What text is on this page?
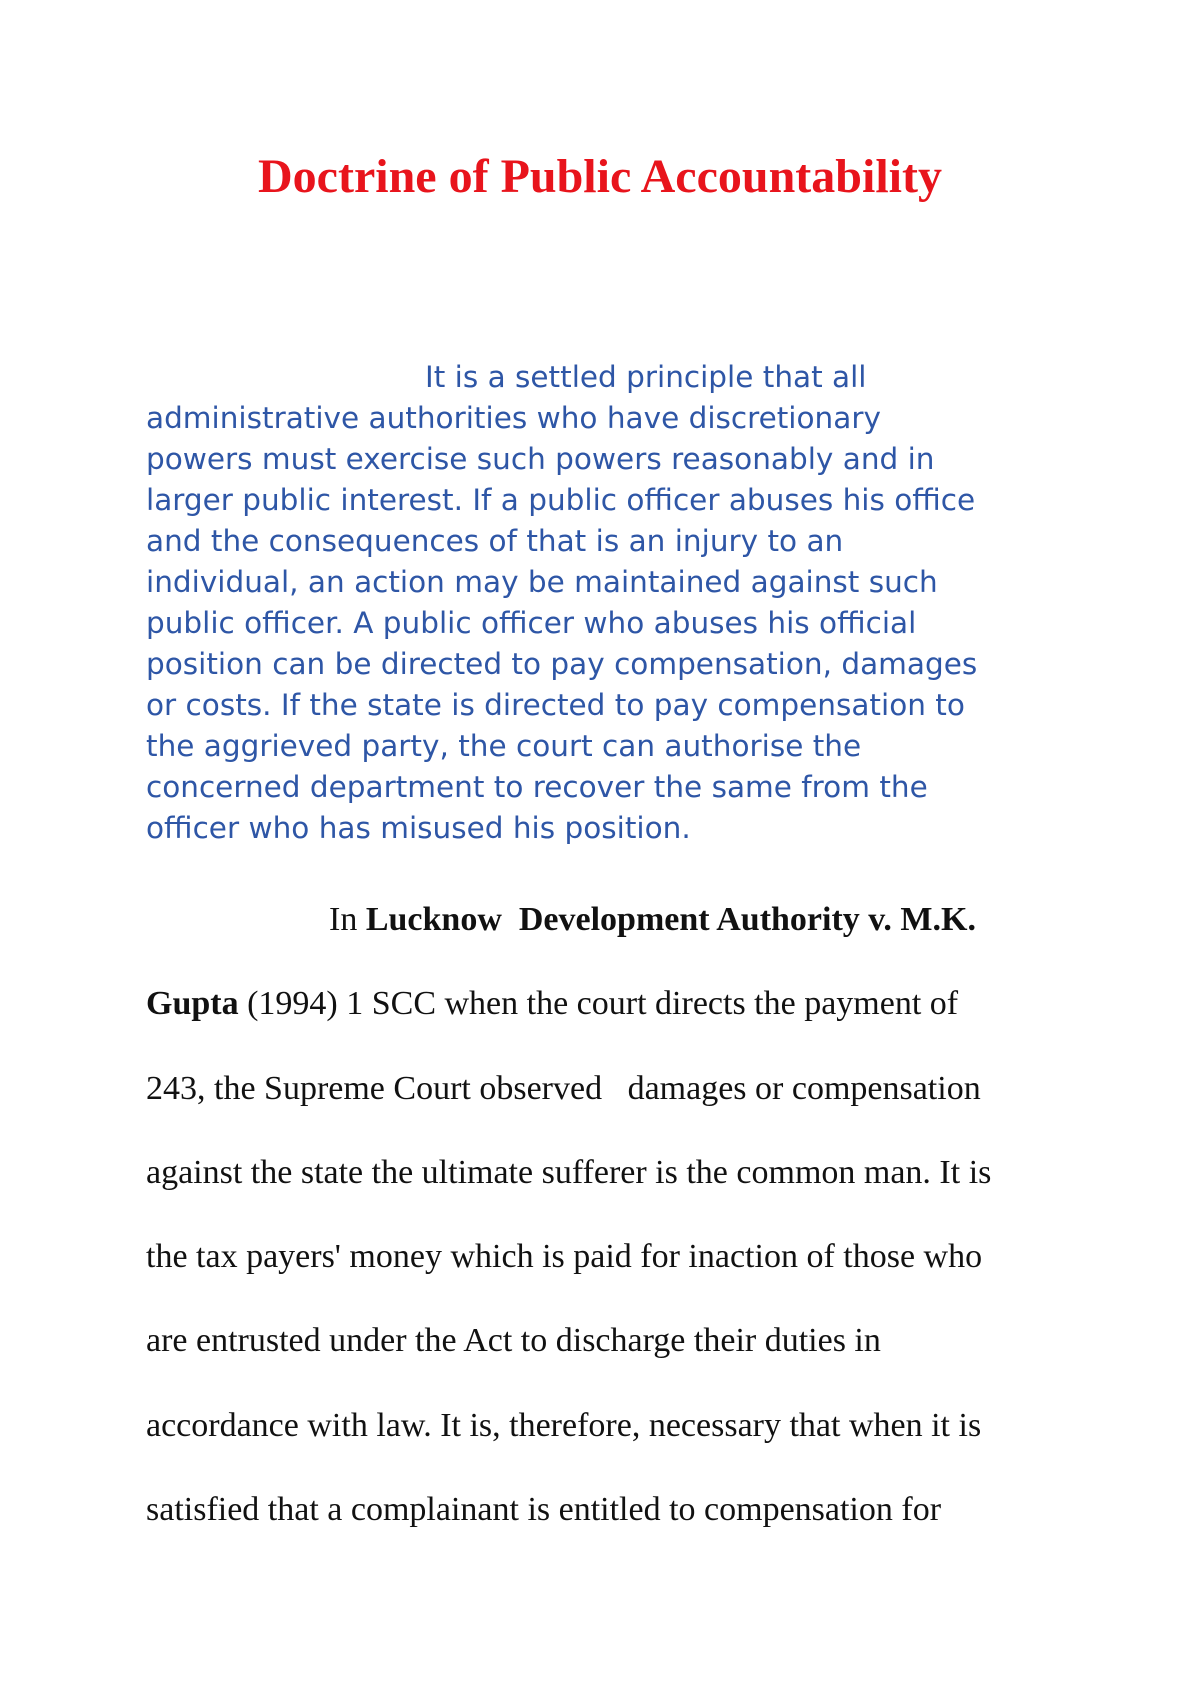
Doctrine of Public Accountability
It is a settled principle that all
administrative authorities who have discretionary
powers must exercise such powers reasonably and in
larger public interest. If a public officer abuses his office
and the consequences of that is an injury to an
individual, an action may be maintained against such
public officer. A public officer who abuses his official
position can be directed to pay compensation, damages
or costs. If the state is directed to pay compensation to
the aggrieved party, the court can authorise the
concerned department to recover the same from the
officer who has misused his position.
In Lucknow  Development Authority v. M.K.
Gupta (1994) 1 SCC when the court directs the payment of
243, the Supreme Court observed   damages or compensation
against the state the ultimate sufferer is the common man. It is
the tax payers' money which is paid for inaction of those who
are entrusted under the Act to discharge their duties in
accordance with law. It is, therefore, necessary that when it is
satisfied that a complainant is entitled to compensation for
